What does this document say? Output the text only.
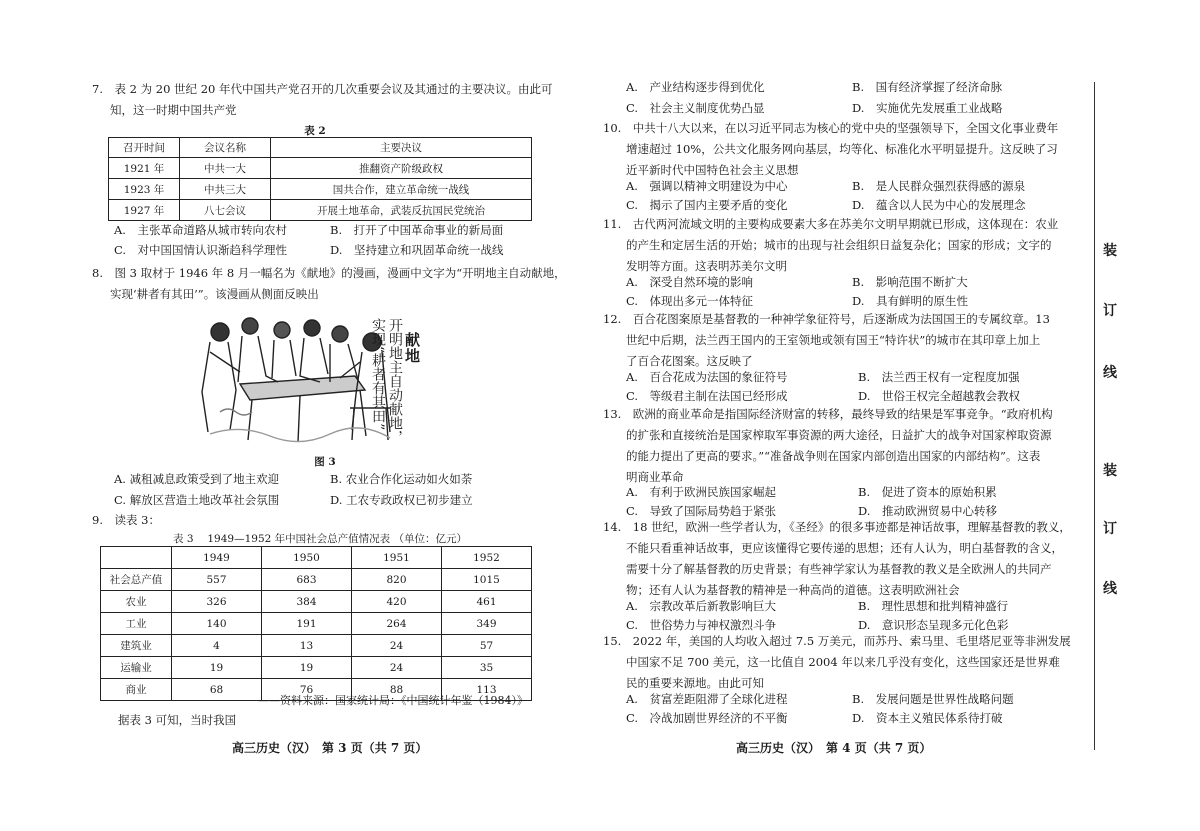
7.　表 2 为 20 世纪 20 年代中国共产党召开的几次重要会议及其通过的主要决议。由此可
知，这一时期中国共产党
表 2
召开时间	会议名称	主要决议
1921 年	中共一大	推翻资产阶级政权
1923 年	中共三大	国共合作，建立革命统一战线
1927 年	八七会议	开展土地革命，武装反抗国民党统治
A.　主张革命道路从城市转向农村	B.　打开了中国革命事业的新局面
C.　对中国国情认识渐趋科学理性	D.　坚持建立和巩固革命统一战线
8.　图 3 取材于 1946 年 8 月一幅名为《献地》的漫画，漫画中文字为“开明地主自动献地，
实现‘耕者有其田’”。该漫画从侧面反映出
献地
开明地主自动献地，
实现“耕者有其田”
图 3
A. 减租减息政策受到了地主欢迎	B. 农业合作化运动如火如荼
C. 解放区营造土地改革社会氛围	D. 工农专政政权已初步建立
9.　读表 3：
表 3　 1949—1952 年中国社会总产值情况表 （单位：亿元）
	1949	1950	1951	1952
社会总产值	557	683	820	1015
农业	326	384	420	461
工业	140	191	264	349
建筑业	4	13	24	57
运输业	19	19	24	35
商业	68	76	88	113
——资料来源：国家统计局：《中国统计年鉴（1984）》
据表 3 可知，当时我国
高三历史（汉）　第 3 页（共 7 页）
A.　产业结构逐步得到优化	B.　国有经济掌握了经济命脉
C.　社会主义制度优势凸显	D.　实施优先发展重工业战略
10.　中共十八大以来，在以习近平同志为核心的党中央的坚强领导下，全国文化事业费年
增速超过 10%，公共文化服务网向基层，均等化、标准化水平明显提升。这反映了习
近平新时代中国特色社会主义思想
A.　强调以精神文明建设为中心	B.　是人民群众强烈获得感的源泉
C.　揭示了国内主要矛盾的变化	D.　蕴含以人民为中心的发展理念
11.　古代两河流域文明的主要构成要素大多在苏美尔文明早期就已形成，这体现在：农业
的产生和定居生活的开始；城市的出现与社会组织日益复杂化；国家的形成；文字的
发明等方面。这表明苏美尔文明
A.　深受自然环境的影响	B.　影响范围不断扩大
C.　体现出多元一体特征	D.　具有鲜明的原生性
12.　百合花图案原是基督教的一种神学象征符号，后逐渐成为法国国王的专属纹章。13
世纪中后期，法兰西王国内的王室领地或领有国王“特许状”的城市在其印章上加上
了百合花图案。这反映了
A.　百合花成为法国的象征符号	B.　法兰西王权有一定程度加强
C.　等级君主制在法国已经形成	D.　世俗王权完全超越教会教权
13.　欧洲的商业革命是指国际经济财富的转移，最终导致的结果是军事竞争。“政府机构
的扩张和直接统治是国家榨取军事资源的两大途径，日益扩大的战争对国家榨取资源
的能力提出了更高的要求。”“准备战争则在国家内部创造出国家的内部结构”。这表
明商业革命
A.　有利于欧洲民族国家崛起	B.　促进了资本的原始积累
C.　导致了国际局势趋于紧张	D.　推动欧洲贸易中心转移
14.　18 世纪，欧洲一些学者认为，《圣经》的很多事迹都是神话故事，理解基督教的教义，
不能只看重神话故事，更应该懂得它要传递的思想；还有人认为，明白基督教的含义，
需要十分了解基督教的历史背景；有些神学家认为基督教的教义是全欧洲人的共同产
物；还有人认为基督教的精神是一种高尚的道德。这表明欧洲社会
A.　宗教改革后新教影响巨大	B.　理性思想和批判精神盛行
C.　世俗势力与神权激烈斗争	D.　意识形态呈现多元化色彩
15.　2022 年，美国的人均收入超过 7.5 万美元，而苏丹、索马里、毛里塔尼亚等非洲发展
中国家不足 700 美元，这一比值自 2004 年以来几乎没有变化，这些国家还是世界难
民的重要来源地。由此可知
A.　贫富差距阻滞了全球化进程	B.　发展问题是世界性战略问题
C.　冷战加剧世界经济的不平衡	D.　资本主义殖民体系待打破
高三历史（汉）　第 4 页（共 7 页）
装
订
线
装
订
线
